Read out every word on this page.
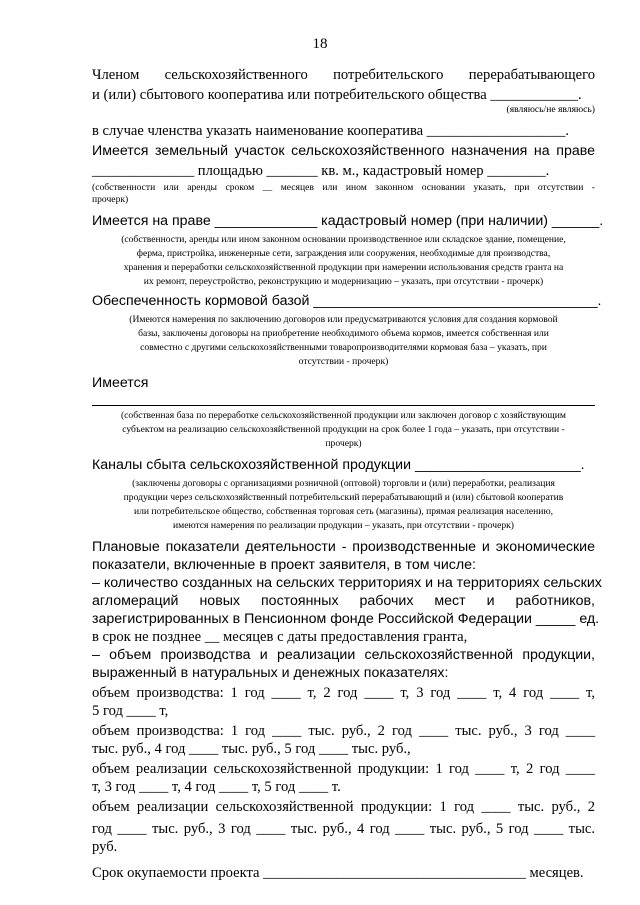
18
Членом сельскохозяйственного потребительского перерабатывающего
и (или) сбытового кооператива или потребительского общества ____________.
(являюсь/не являюсь)
в случае членства указать наименование кооператива ___________________.
Имеется земельный участок сельскохозяйственного назначения на праве
______________ площадью _______ кв. м., кадастровый номер ________.
(собственности или аренды сроком __ месяцев или ином законном основании указать, при отсутствии -
прочерк)
Имеется на праве _____________ кадастровый номер (при наличии) ______.
(собственности, аренды или ином законном основании производственное или складское здание, помещение,
ферма, пристройка, инженерные сети, заграждения или сооружения, необходимые для производства,
хранения и переработки сельскохозяйственной продукции при намерении использования средств гранта на
их ремонт, переустройство, реконструкцию и модернизацию – указать, при отсутствии - прочерк)
Обеспеченность кормовой базой ____________________________________.
(Имеются намерения по заключению договоров или предусматриваются условия для создания кормовой
базы, заключены договоры на приобретение необходимого объема кормов, имеется собственная или
совместно с другими сельскохозяйственными товаропроизводителями кормовая база – указать, при
отсутствии - прочерк)
Имеется
(собственная база по переработке сельскохозяйственной продукции или заключен договор с хозяйствующим
субъектом на реализацию сельскохозяйственной продукции на срок более 1 года – указать, при отсутствии -
прочерк)
Каналы сбыта сельскохозяйственной продукции _____________________.
(заключены договоры с организациями розничной (оптовой) торговли и (или) переработки, реализация
продукции через сельскохозяйственный потребительский перерабатывающий и (или) сбытовой кооператив
или потребительское общество, собственная торговая сеть (магазины), прямая реализация населению,
имеются намерения по реализации продукции – указать, при отсутствии - прочерк)
Плановые показатели деятельности - производственные и экономические
показатели, включенные в проект заявителя, в том числе:
– количество созданных на сельских территориях и на территориях сельских
агломераций новых постоянных рабочих мест и работников,
зарегистрированных в Пенсионном фонде Российской Федерации _____ ед.
в срок не позднее __ месяцев с даты предоставления гранта,
– объем производства и реализации сельскохозяйственной продукции,
выраженный в натуральных и денежных показателях:
объем производства: 1 год ____ т, 2 год ____ т, 3 год ____ т, 4 год ____ т,
5 год ____ т,
объем производства: 1 год ____ тыс. руб., 2 год ____ тыс. руб., 3 год ____
тыс. руб., 4 год ____ тыс. руб., 5 год ____ тыс. руб.,
объем реализации сельскохозяйственной продукции: 1 год ____ т, 2 год ____
т, 3 год ____ т, 4 год ____ т, 5 год ____ т.
объем реализации сельскохозяйственной продукции: 1 год ____ тыс. руб., 2
год ____ тыс. руб., 3 год ____ тыс. руб., 4 год ____ тыс. руб., 5 год ____ тыс.
руб.
Срок окупаемости проекта ____________________________________ месяцев.
